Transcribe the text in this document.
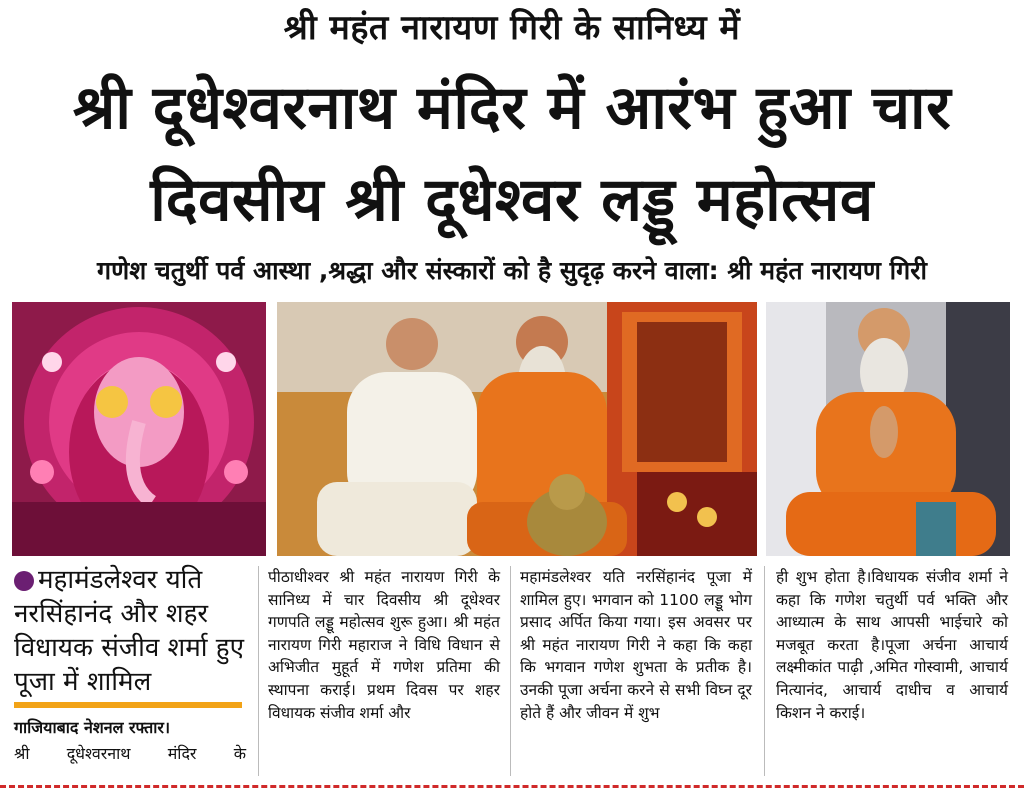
श्री महंत नारायण गिरी के सानिध्य में
श्री दूधेश्वरनाथ मंदिर में आरंभ हुआ चार
दिवसीय श्री दूधेश्वर लड्डू महोत्सव
गणेश चतुर्थी पर्व आस्था ,श्रद्धा और संस्कारों को है सुदृढ़ करने वाला: श्री महंत नारायण गिरी
महामंडलेश्वर यति नरसिंहानंद और शहर विधायक संजीव शर्मा हुए पूजा में शामिल
गाजियाबाद नेशनल रफ्तार।
श्री दूधेश्वरनाथ मंदिर के
पीठाधीश्वर श्री महंत नारायण गिरी के सानिध्य में चार दिवसीय श्री दूधेश्वर गणपति लड्डू महोत्सव शुरू हुआ। श्री महंत नारायण गिरी महाराज ने विधि विधान से अभिजीत मुहूर्त में गणेश प्रतिमा की स्थापना कराई। प्रथम दिवस पर शहर विधायक संजीव शर्मा और
महामंडलेश्वर यति नरसिंहानंद पूजा में शामिल हुए। भगवान को 1100 लड्डू भोग प्रसाद अर्पित किया गया। इस अवसर पर श्री महंत नारायण गिरी ने कहा कि कहा कि भगवान गणेश शुभता के प्रतीक है। उनकी पूजा अर्चना करने से सभी विघ्न दूर होते हैं और जीवन में शुभ
ही शुभ होता है।विधायक संजीव शर्मा ने कहा कि गणेश चतुर्थी पर्व भक्ति और आध्यात्म के साथ आपसी भाईचारे को मजबूत करता है।पूजा अर्चना आचार्य लक्ष्मीकांत पाढ़ी ,अमित गोस्वामी, आचार्य नित्यानंद, आचार्य दाधीच व आचार्य किशन ने कराई।
